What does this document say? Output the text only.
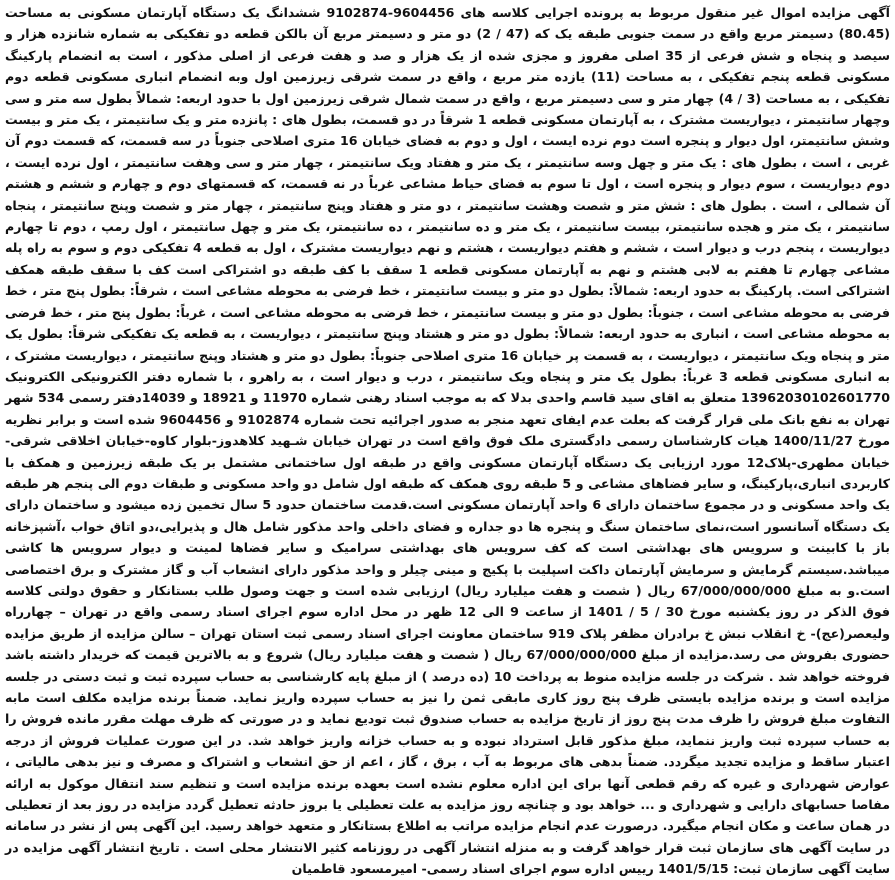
آگهی مزایده اموال غیر منقول مربوط به پرونده اجرایی کلاسه های 9604456-9102874 ششدانگ یک دستگاه آپارتمان مسکونی به مساحت (80.45) دسیمتر مربع واقع در سمت جنوبی طبقه یک که (47 / 2) دو متر و دسیمتر مربع آن بالکن قطعه دو تفکیکی به شماره شانزده هزار و سیصد و پنجاه و شش فرعی از 35 اصلی مفروز و مجزی شده از یک هزار و صد و هفت فرعی از اصلی مذکور ، است به انضمام پارکینگ مسکونی قطعه پنجم تفکیکی ، به مساحت (11) یازده متر مربع ، واقع در سمت شرقی زیرزمین اول وبه انضمام انباری مسکونی قطعه دوم تفکیکی ، به مساحت (3 / 4) چهار متر و سی دسیمتر مربع ، واقع در سمت شمال شرقی زیرزمین اول با حدود اربعه: شمالاً بطول سه متر و سی وچهار سانتیمتر ، دیواریست مشترک ، به آپارتمان مسکونی قطعه 1 شرقاً در دو قسمت، بطول های : پانزده متر و یک سانتیمتر ، یک متر و بیست وشش سانتیمتر، اول دیوار و پنجره است دوم نرده ایست ، اول و دوم به فضای خیابان 16 متری اصلاحی جنوباً در سه قسمت، که قسمت دوم آن غربی ، است ، بطول های : یک متر و چهل وسه سانتیمتر ، یک متر و هفتاد ویک سانتیمتر ، چهار متر و سی وهفت سانتیمتر ، اول نرده ایست ، دوم دیواریست ، سوم دیوار و پنجره است ، اول تا سوم به فضای حیاط مشاعی غرباً در نه قسمت، که قسمتهای دوم و چهارم و ششم و هشتم آن شمالی ، است . بطول های : شش متر و شصت وهشت سانتیمتر ، دو متر و هفتاد وپنج سانتیمتر ، چهار متر و شصت وپنج سانتیمتر ، پنجاه سانتیمتر ، یک متر و هجده سانتیمتر، بیست سانتیمتر ، یک متر و ده سانتیمتر ، ده سانتیمتر، یک متر و چهل سانتیمتر ، اول رمپ ، دوم تا چهارم دیواریست ، پنجم درب و دیوار است ، ششم و هفتم دیواریست ، هشتم و نهم دیواریست مشترک ، اول به قطعه 4 تفکیکی دوم و سوم به راه پله مشاعی چهارم تا هفتم به لابی هشتم و نهم به آپارتمان مسکونی قطعه 1 سقف با کف طبقه دو اشتراکی است کف با سقف طبقه همکف اشتراکی است. پارکینگ به حدود اربعه: شمالاً: بطول دو متر و بیست سانتیمتر ، خط فرضی به محوطه مشاعی است ، شرقاً: بطول پنج متر ، خط فرضی به محوطه مشاعی است ، جنوباً: بطول دو متر و بیست سانتیمتر ، خط فرضی به محوطه مشاعی است ، غرباً: بطول پنج متر ، خط فرضی به محوطه مشاعی است ، انباری به حدود اربعه: شمالاً: بطول دو متر و هشتاد وپنج سانتیمتر ، دیواریست ، به قطعه یک تفکیکی شرقاً: بطول یک متر و پنجاه ویک سانتیمتر ، دیواریست ، به قسمت پر خیابان 16 متری اصلاحی جنوباً: بطول دو متر و هشتاد وپنج سانتیمتر ، دیواریست مشترک ، به انباری مسکونی قطعه 3 غرباً: بطول یک متر و پنجاه ویک سانتیمتر ، درب و دیوار است ، به راهرو ، با شماره دفتر الکترونیکی الکترونیک 13962030102601770 متعلق به اقای سید قاسم واحدی بدلا که به موجب اسناد رهنی شماره 11970 و 18921 و 14039دفتر رسمی 534 شهر تهران به نفع بانک ملی قرار گرفت که بعلت عدم ایفای تعهد منجر به صدور اجرائیه تحت شماره 9102874 و 9604456 شده است و برابر نظریه مورخ 1400/11/27 هیات کارشناسان رسمی دادگستری ملک فوق واقع است در تهران خیابان شـهید کلاهدوز-بلوار کاوه-خیابان اخلاقی شرقی-خیابان مطهری-پلاک12 مورد ارزیابی یک دستگاه آپارتمان مسکونی واقع در طبقه اول ساختمانی مشتمل بر یک طبقه زیرزمین و همکف با کاربردی انباری،پارکینگ، و سایر فضاهای مشاعی و 5 طبقه روی همکف که طبقه اول شامل دو واحد مسکونی و طبقات دوم الی پنجم هر طبقه یک واحد مسکونی و در مجموع ساختمان دارای 6 واحد آپارتمان مسکونی است.قدمت ساختمان حدود 5 سال تخمین زده میشود و ساختمان دارای یک دستگاه آسانسور است،نمای ساختمان سنگ و پنجره ها دو جداره و فضای داخلی واحد مذکور شامل هال و پذیرایی،دو اتاق خواب ،آشپزخانه باز با کابینت و سرویس های بهداشتی است که کف سرویس های بهداشتی سرامیک و سایر فضاها لمینت و دیوار سرویس ها کاشی میباشد.سیستم گرمایش و سرمایش آپارتمان داکت اسپلیت با پکیج و مینی چیلر و واحد مذکور دارای انشعاب آب و گاز مشترک و برق اختصاصی است.و به مبلغ 67/000/000/000 ریال ( شصت و هفت میلیارد ریال) ارزیابی شده است و جهت وصول طلب بستانکار و حقوق دولتی کلاسه فوق الذکر در روز یکشنبه مورخ 30 / 5 / 1401 از ساعت 9 الی 12 ظهر در محل اداره سوم اجرای اسناد رسمی واقع در تهران – چهارراه ولیعصر(عج)- خ انقلاب نبش خ برادران مظفر پلاک 919 ساختمان معاونت اجرای اسناد رسمی ثبت استان تهران – سالن مزایده از طریق مزایده حضوری بفروش می رسد.مزایده از مبلغ 67/000/000/000 ریال ( شصت و هفت میلیارد ریال) شروع و به بالاترین قیمت که خریدار داشته باشد فروخته خواهد شد . شرکت در جلسه مزایده منوط به پرداخت 10 (ده درصد ) از مبلغ پایه کارشناسی به حساب سپرده ثبت و ثبت دستی در جلسه مزایده است و برنده مزایده بایستی ظرف پنج روز کاری مابقی ثمن را نیز به حساب سپرده واریز نماید. ضمناً برنده مزایده مکلف است مابه التفاوت مبلغ فروش را ظرف مدت پنج روز از تاریخ مزایده به حساب صندوق ثبت تودیع نماید و در صورتی که ظرف مهلت مقرر مانده فروش را به حساب سپرده ثبت واریز ننماید، مبلغ مذکور قابل استرداد نبوده و به حساب خزانه واریز خواهد شد. در این صورت عملیات فروش از درجه اعتبار ساقط و مزایده تجدید میگردد. ضمناً بدهی های مربوط به آب ، برق ، گاز ، اعم از حق انشعاب و اشتراک و مصرف و نیز بدهی مالیاتی ، عوارض شهرداری و غیره که رقم قطعی آنها برای این اداره معلوم نشده است بعهده برنده مزایده است و تنظیم سند انتقال موکول به ارائه مفاصا حسابهای دارایی و شهرداری و ... خواهد بود و چنانچه روز مزایده به علت تعطیلی یا بروز حادثه تعطیل گردد مزایده در روز بعد از تعطیلی در همان ساعت و مکان انجام میگیرد. درصورت عدم انجام مزایده مراتب به اطلاع بستانکار و متعهد خواهد رسید. این آگهی پس از نشر در سامانه در سایت آگهی های سازمان ثبت قرار خواهد گرفت و به منزله انتشار آگهی در روزنامه کثیر الانتشار محلی است . تاریخ انتشار آگهی مزایده در سایت آگهی سازمان ثبت: 1401/5/15 رییس اداره سوم اجرای اسناد رسمی- امیرمسعود قاطمیان
